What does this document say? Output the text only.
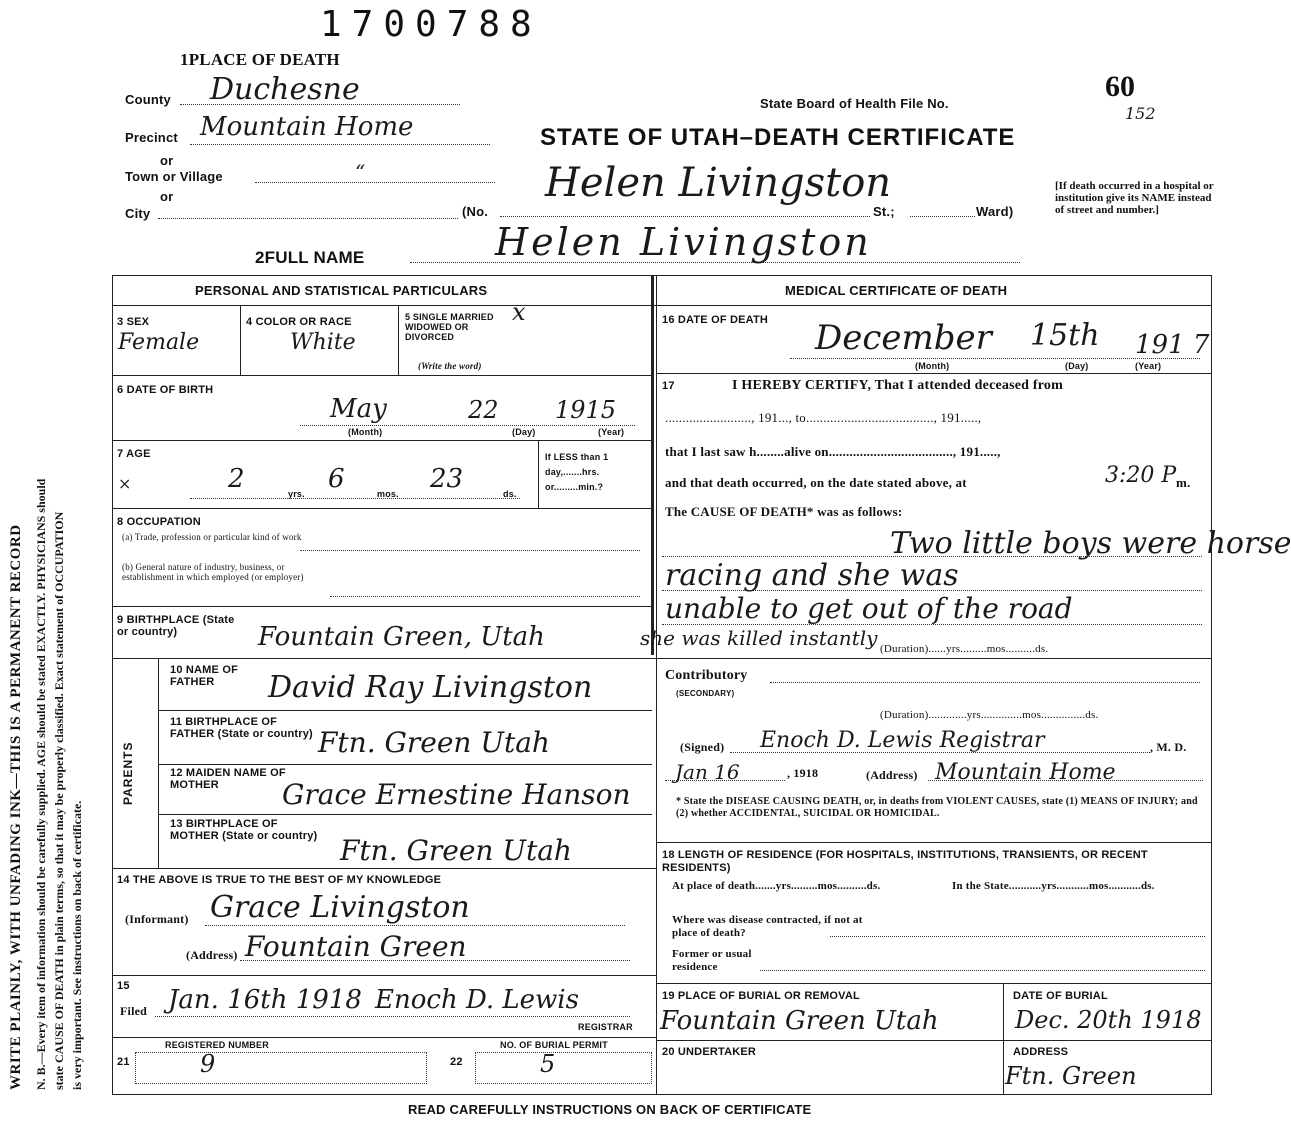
WRITE PLAINLY, WITH UNFADING INK—THIS IS A PERMANENT RECORD N. B.—Every item of information should be carefully supplied. AGE should be stated EXACTLY. PHYSICIANS should state CAUSE OF DEATH in plain terms, so that it may be properly classified. Exact statement of OCCUPATION is very important. See instructions on back of certificate.
1700788
1PLACE OF DEATH
County Duchesne	State Board of Health File No.
60
152
Precinct Mountain Home	STATE OF UTAH–DEATH CERTIFICATE
or
Town or Village	“	Helen Livingston
or
City	(No.	St.;	Ward)
[If death occurred in a hospital or institution give its NAME instead of street and number.]
2FULL NAME	Helen Livingston
PERSONAL AND STATISTICAL PARTICULARS	MEDICAL CERTIFICATE OF DEATH
3 SEX
Female
4 COLOR OR RACE
White
5 SINGLE MARRIED WIDOWED OR DIVORCED
(Write the word)
x
6 DATE OF BIRTH
May	22 1915
(Month)	(Day)	(Year)
7 AGE
×	2	yrs. 6	mos. 23	ds.
If LESS than 1 day,.......hrs. or.........min.?
8 OCCUPATION
(a) Trade, profession or particular kind of work
(b) General nature of industry, business, or establishment in which employed (or employer)
9 BIRTHPLACE (State or country)	Fountain Green, Utah
PARENTS
10 NAME OF FATHER	David Ray Livingston
11 BIRTHPLACE OF FATHER (State or country) Ftn. Green Utah
12 MAIDEN NAME OF MOTHER	Grace Ernestine Hanson
13 BIRTHPLACE OF MOTHER (State or country) Ftn. Green Utah
14 THE ABOVE IS TRUE TO THE BEST OF MY KNOWLEDGE
(Informant) Grace Livingston
(Address) Fountain Green
15
Filed Jan. 16th 1918 Enoch D. Lewis
REGISTRAR
21
REGISTERED NUMBER
9	22
NO. OF BURIAL PERMIT
5
16 DATE OF DEATH December 15th 191 7
(Month)	(Day)	(Year)
17	I HEREBY CERTIFY, That I attended deceased from
........................., 191..., to....................................., 191.....,
that I last saw h........alive on...................................., 191.....,
and that death occurred, on the date stated above, at	3:20 P m.
The CAUSE OF DEATH* was as follows:
Two little boys were horse
racing and she was
unable to get out of the road
she was killed instantly (Duration)......yrs.........mos..........ds.
Contributory
(SECONDARY)
(Duration).............yrs..............mos...............ds.
(Signed) Enoch D. Lewis Registrar	, M. D.
Jan 16	, 1918	(Address) Mountain Home
* State the DISEASE CAUSING DEATH, or, in deaths from VIOLENT CAUSES, state (1) MEANS OF INJURY; and (2) whether ACCIDENTAL, SUICIDAL OR HOMICIDAL.
18 LENGTH OF RESIDENCE (FOR HOSPITALS, INSTITUTIONS, TRANSIENTS, OR RECENT RESIDENTS)
At place of death.......yrs.........mos..........ds.	In the State...........yrs...........mos...........ds.
Where was disease contracted, if not at place of death?
Former or usual residence
19 PLACE OF BURIAL OR REMOVAL
Fountain Green Utah
DATE OF BURIAL
Dec. 20th 1918
20 UNDERTAKER	ADDRESS
Ftn. Green
READ CAREFULLY INSTRUCTIONS ON BACK OF CERTIFICATE
